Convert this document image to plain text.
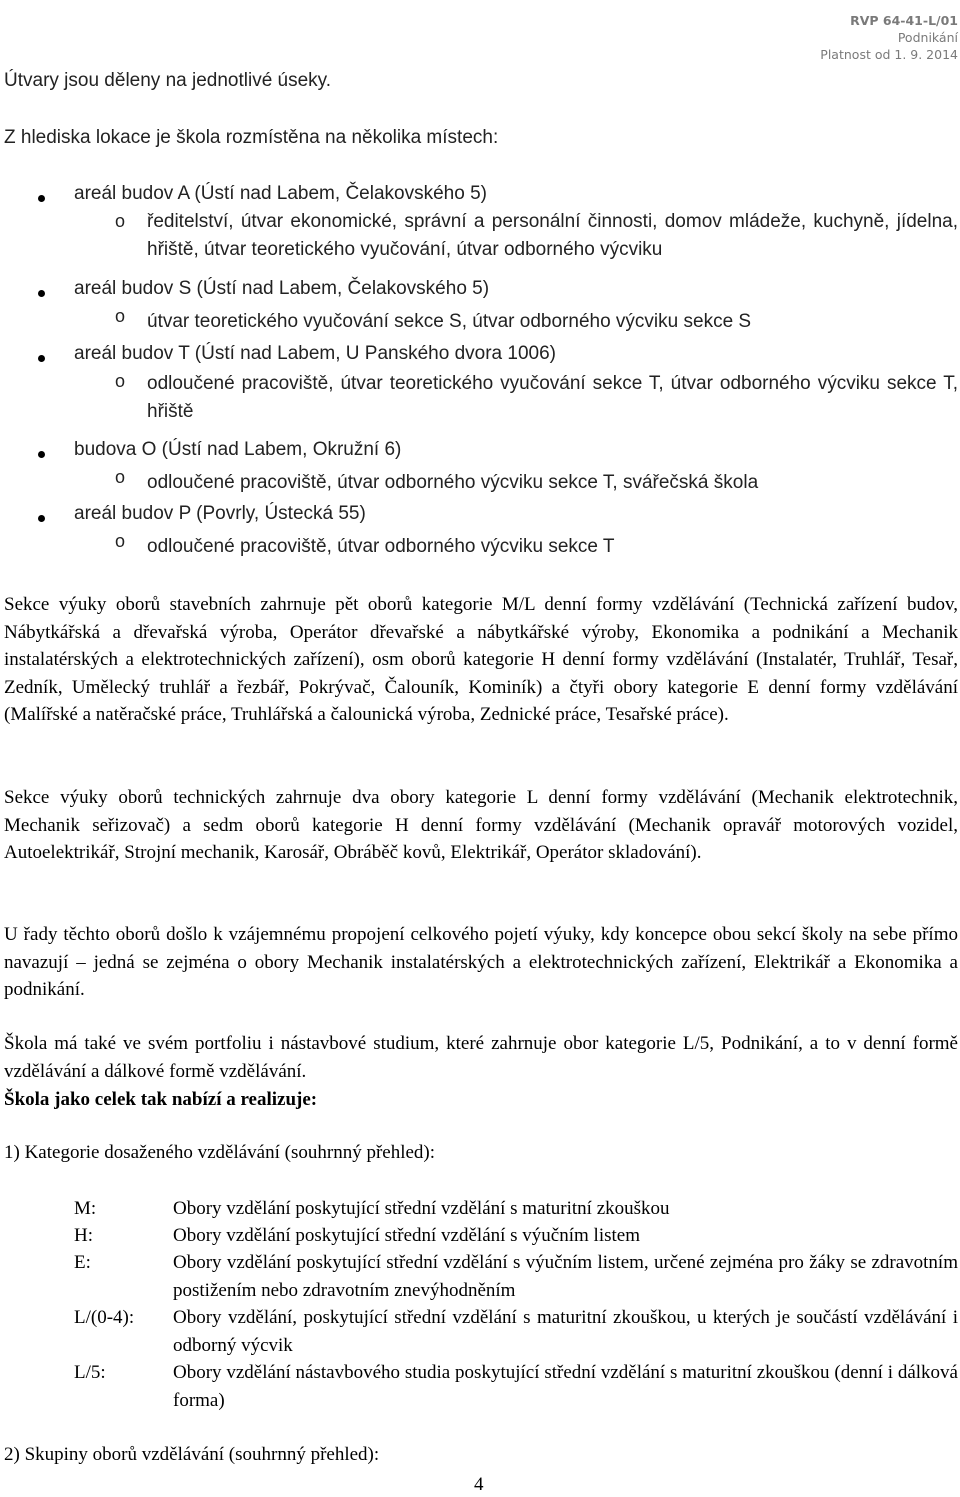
RVP 64-41-L/01
Podnikání
Platnost od 1. 9. 2014

Útvary jsou děleny na jednotlivé úseky.

Z hlediska lokace je škola rozmístěna na několika místech:

areál budov A (Ústí nad Labem, Čelakovského 5)
o ředitelství, útvar ekonomické, správní a personální činnosti, domov mládeže, kuchyně, jídelna, hřiště, útvar teoretického vyučování, útvar odborného výcviku
areál budov S (Ústí nad Labem, Čelakovského 5)
o útvar teoretického vyučování sekce S, útvar odborného výcviku sekce S
areál budov T (Ústí nad Labem, U Panského dvora 1006)
o odloučené pracoviště, útvar teoretického vyučování sekce T, útvar odborného výcviku sekce T, hřiště
budova O (Ústí nad Labem, Okružní 6)
o odloučené pracoviště, útvar odborného výcviku sekce T, svářečská škola
areál budov P (Povrly, Ústecká 55)
o odloučené pracoviště, útvar odborného výcviku sekce T

Sekce výuky oborů stavebních zahrnuje pět oborů kategorie M/L denní formy vzdělávání (Technická zařízení budov, Nábytkářská a dřevařská výroba, Operátor dřevařské a nábytkářské výroby, Ekonomika a podnikání a Mechanik instalatérských a elektrotechnických zařízení), osm oborů kategorie H denní formy vzdělávání (Instalatér, Truhlář, Tesař, Zedník, Umělecký truhlář a řezbář, Pokrývač, Čalouník, Kominík) a čtyři obory kategorie E denní formy vzdělávání (Malířské a natěračské práce, Truhlářská a čalounická výroba, Zednické práce, Tesařské práce).

Sekce výuky oborů technických zahrnuje dva obory kategorie L denní formy vzdělávání (Mechanik elektrotechnik, Mechanik seřizovač) a sedm oborů kategorie H denní formy vzdělávání (Mechanik opravář motorových vozidel, Autoelektrikář, Strojní mechanik, Karosář, Obráběč kovů, Elektrikář, Operátor skladování).

U řady těchto oborů došlo k vzájemnému propojení celkového pojetí výuky, kdy koncepce obou sekcí školy na sebe přímo navazují – jedná se zejména o obory Mechanik instalatérských a elektrotechnických zařízení, Elektrikář a Ekonomika a podnikání.

Škola má také ve svém portfoliu i nástavbové studium, které zahrnuje obor kategorie L/5, Podnikání, a to v denní formě vzdělávání a dálkové formě vzdělávání.

Škola jako celek tak nabízí a realizuje:

1) Kategorie dosaženého vzdělávání (souhrnný přehled):

M:	Obory vzdělání poskytující střední vzdělání s maturitní zkouškou
H:	Obory vzdělání poskytující střední vzdělání s výučním listem
E:	Obory vzdělání poskytující střední vzdělání s výučním listem, určené zejména pro žáky se zdravotním postižením nebo zdravotním znevýhodněním
L/(0-4): Obory vzdělání, poskytující střední vzdělání s maturitní zkouškou, u kterých je součástí vzdělávání i odborný výcvik
L/5:	Obory vzdělání nástavbového studia poskytující střední vzdělání s maturitní zkouškou (denní i dálková forma)

2) Skupiny oborů vzdělávání (souhrnný přehled):

4
